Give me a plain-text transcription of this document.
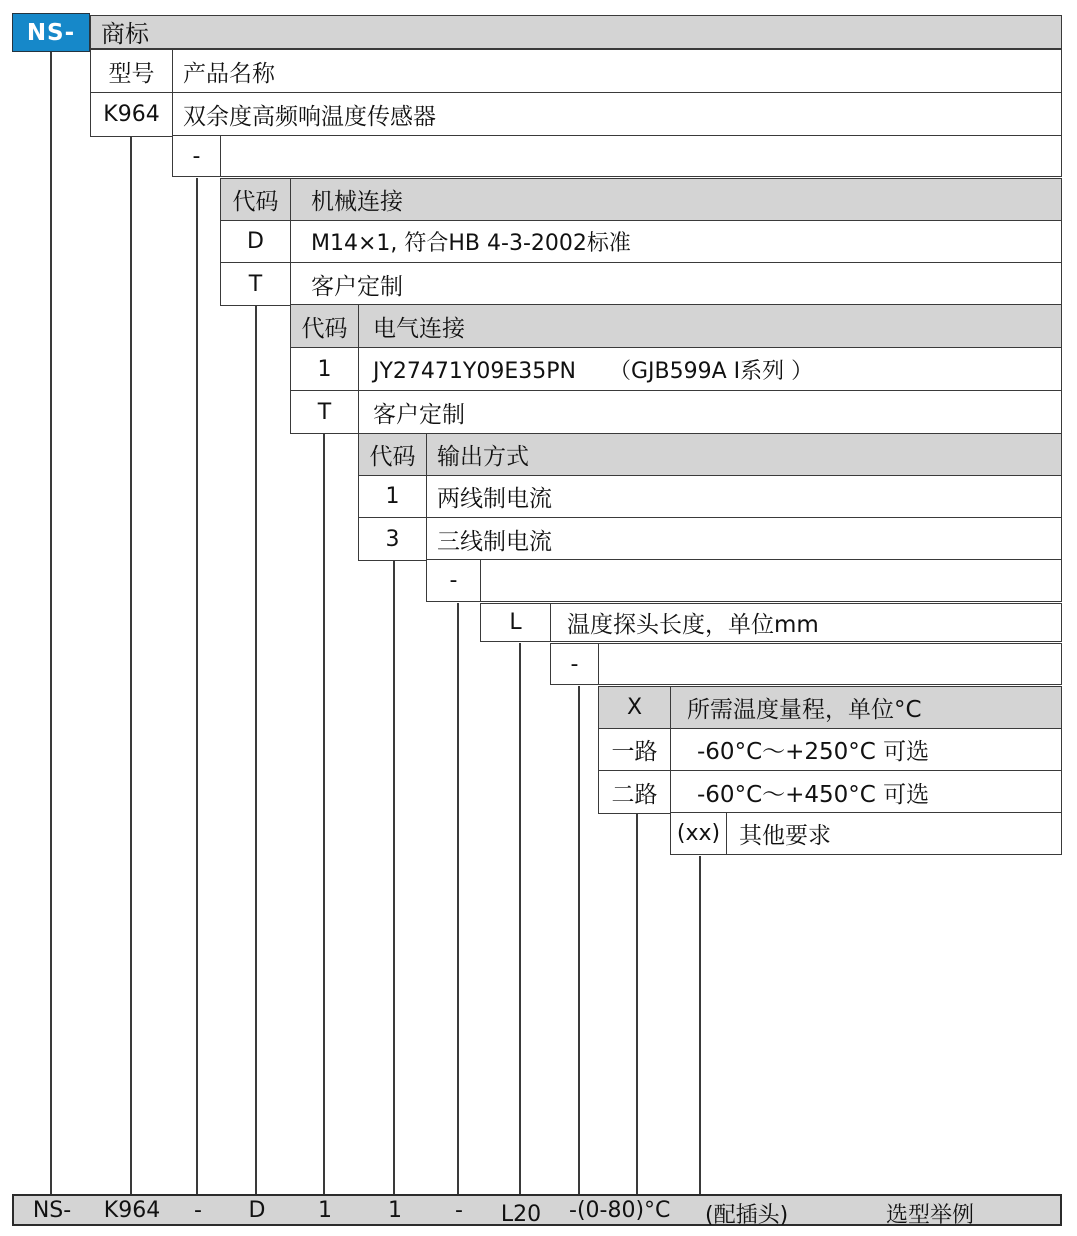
NS-	商标
型号	产品名称
K964	双余度高频响温度传感器
-
代码	机械连接
D	M14×1, 符合HB 4-3-2002标准
T	客户定制
代码	电气连接
1	JY27471Y09E35PN　　（GJB599A Ⅰ系列 ）
T	客户定制
代码 输出方式
1	两线制电流
3	三线制电流
-
L	温度探头长度，单位mm
-
X	所需温度量程，单位°C
一路	-60°C～+250°C 可选
二路	-60°C～+450°C 可选
(xx) 其他要求
NS- K964 - D 1	1 - L20 -(0-80)°C (配插头)	选型举例
